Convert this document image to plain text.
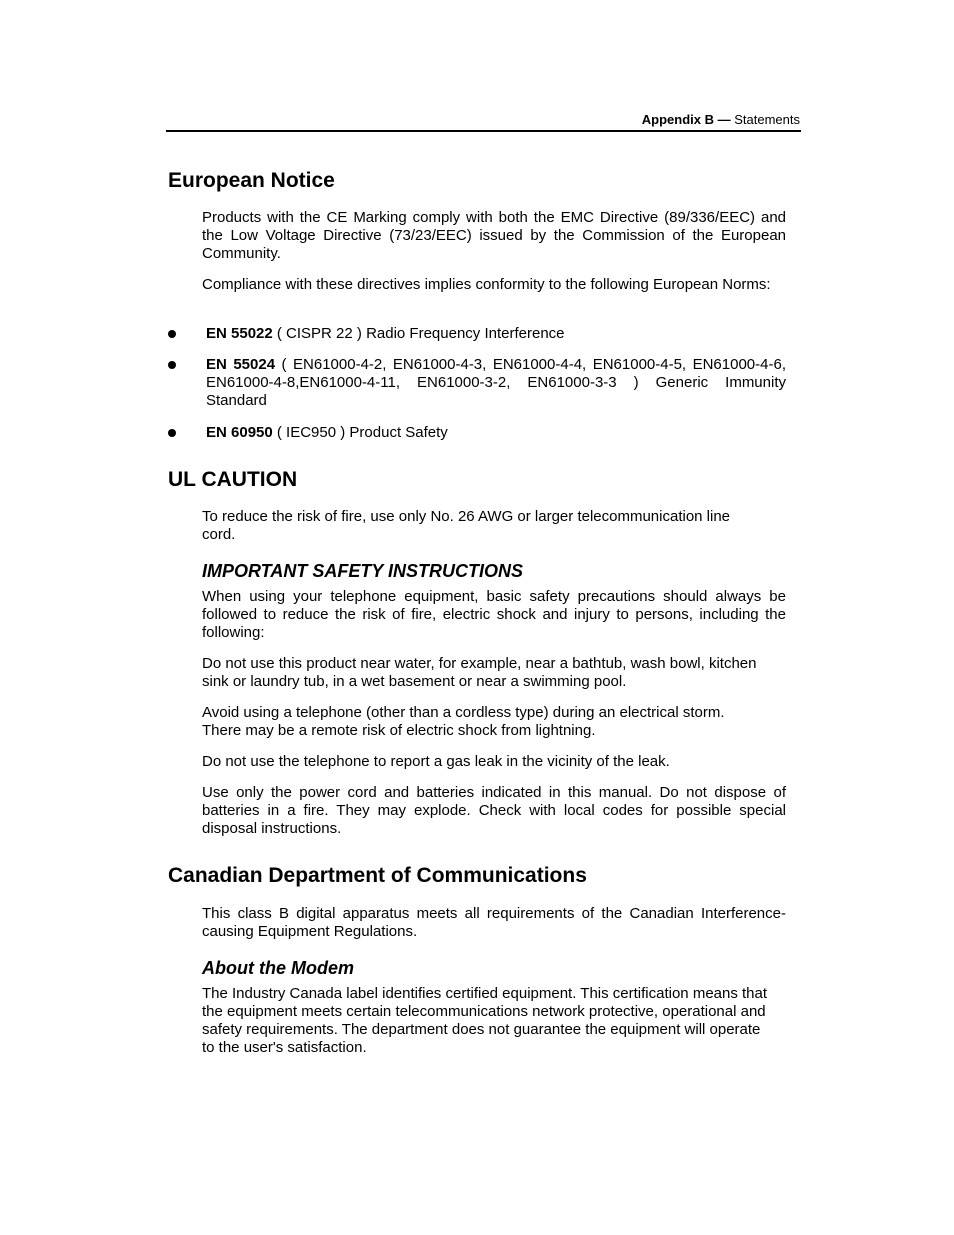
Appendix B — Statements
European Notice

Products with the CE Marking comply with both the EMC Directive (89/336/EEC) and the Low Voltage Directive (73/23/EEC) issued by the Commission of the European Community.

Compliance with these directives implies conformity to the following European Norms:

EN 55022 ( CISPR 22 ) Radio Frequency Interference

EN 55024 ( EN61000-4-2, EN61000-4-3, EN61000-4-4, EN61000-4-5, EN61000-4-6, EN61000-4-8,EN61000-4-11, EN61000-3-2, EN61000-3-3 ) Generic Immunity Standard

EN 60950 ( IEC950 ) Product Safety

UL CAUTION

To reduce the risk of fire, use only No. 26 AWG or larger telecommunication line cord.

IMPORTANT SAFETY INSTRUCTIONS

When using your telephone equipment, basic safety precautions should always be followed to reduce the risk of fire, electric shock and injury to persons, including the following:

Do not use this product near water, for example, near a bathtub, wash bowl, kitchen sink or laundry tub, in a wet basement or near a swimming pool.

Avoid using a telephone (other than a cordless type) during an electrical storm. There may be a remote risk of electric shock from lightning.

Do not use the telephone to report a gas leak in the vicinity of the leak.

Use only the power cord and batteries indicated in this manual. Do not dispose of batteries in a fire. They may explode. Check with local codes for possible special disposal instructions.

Canadian Department of Communications

This class B digital apparatus meets all requirements of the Canadian Interference-causing Equipment Regulations.

About the Modem

The Industry Canada label identifies certified equipment. This certification means that the equipment meets certain telecommunications network protective, operational and safety requirements. The department does not guarantee the equipment will operate to the user's satisfaction.
